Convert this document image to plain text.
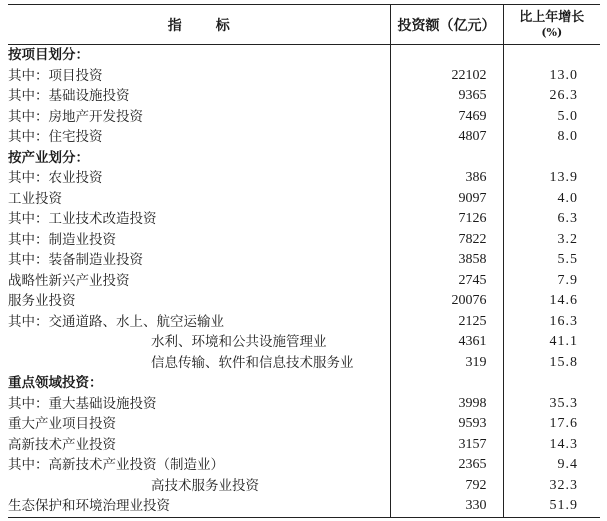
指标	投资额（亿元）	比上年增长
(%)

按项目划分：		
其中：项目投资	22102	13.0
其中：基础设施投资	9365	26.3
其中：房地产开发投资	7469	5.0
其中：住宅投资	4807	8.0
按产业划分：		
其中：农业投资	386	13.9
工业投资	9097	4.0
其中：工业技术改造投资	7126	6.3
其中：制造业投资	7822	3.2
其中：装备制造业投资	3858	5.5
战略性新兴产业投资	2745	7.9
服务业投资	20076	14.6
其中：交通道路、水上、航空运输业	2125	16.3
水利、环境和公共设施管理业	4361	41.1
信息传输、软件和信息技术服务业	319	15.8
重点领域投资：		
其中：重大基础设施投资	3998	35.3
重大产业项目投资	9593	17.6
高新技术产业投资	3157	14.3
其中：高新技术产业投资（制造业）	2365	9.4
高技术服务业投资	792	32.3
生态保护和环境治理业投资	330	51.9
